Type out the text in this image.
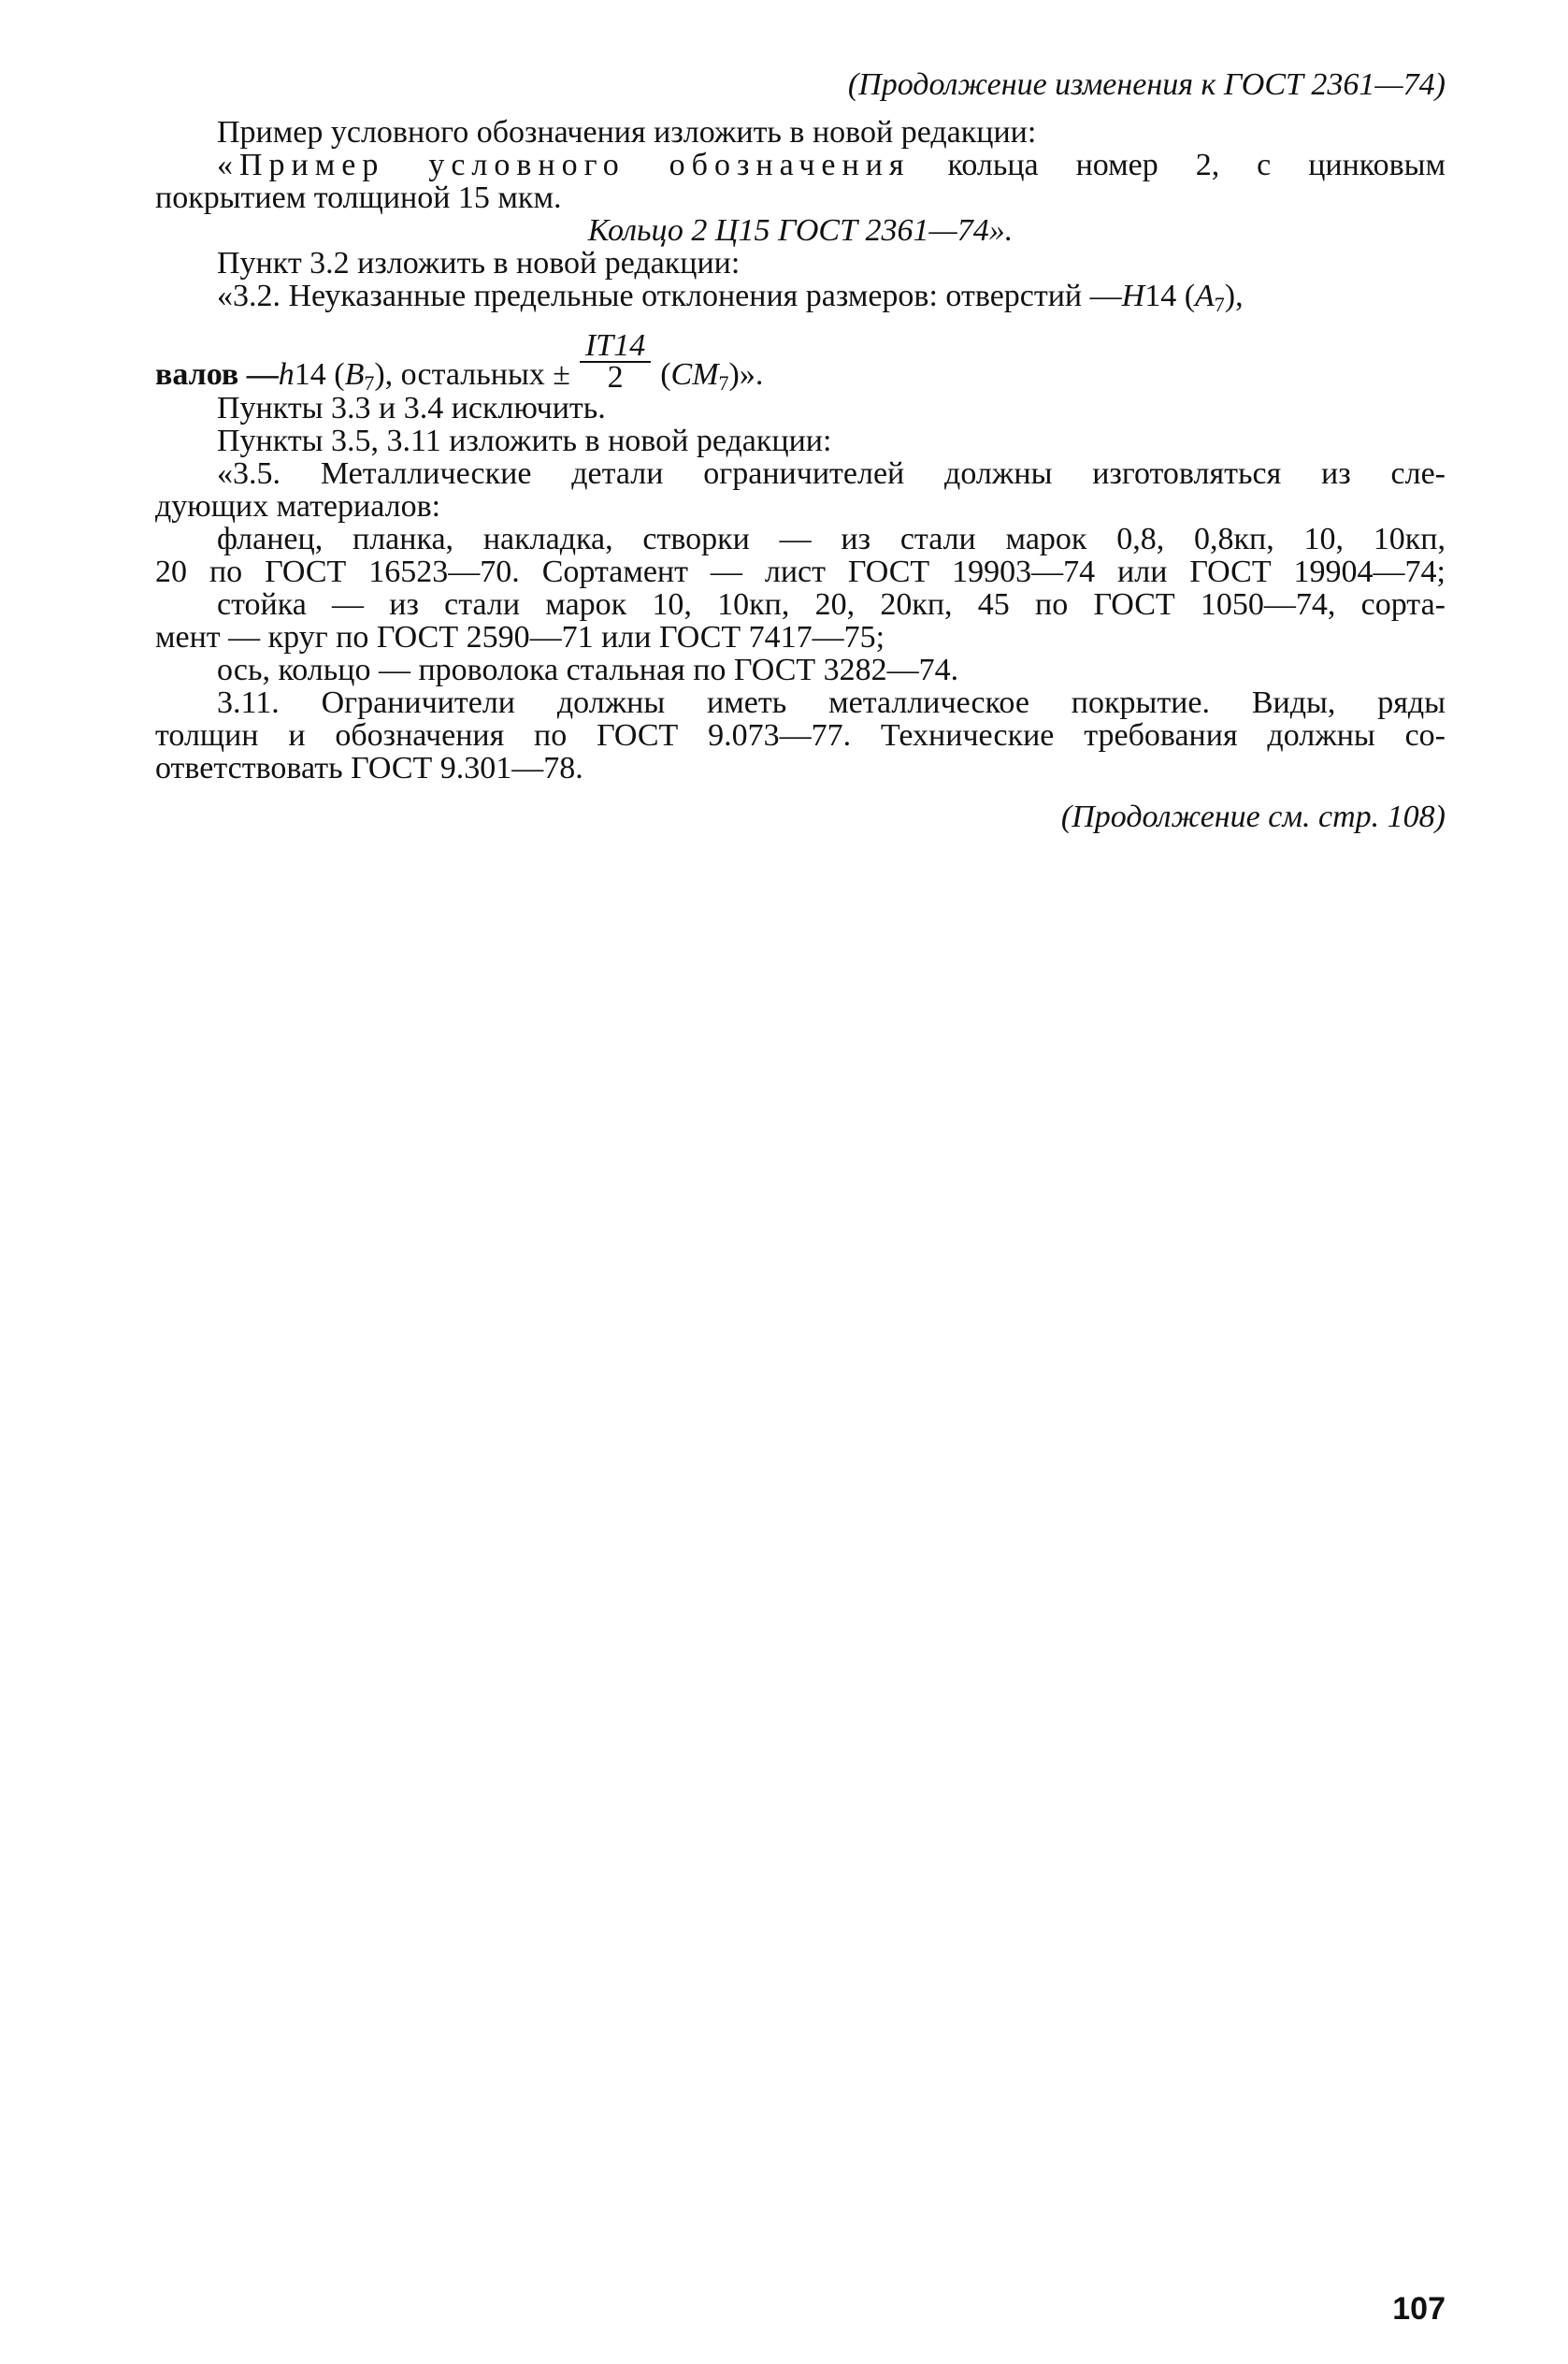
(Продолжение изменения к ГОСТ 2361—74)
Пример условного обозначения изложить в новой редакции:
«Пример условного обозначения кольца номер 2, с цинковым
покрытием толщиной 15 мкм.
Кольцо 2 Ц15 ГОСТ 2361—74».
Пункт 3.2 изложить в новой редакции:
«3.2. Неуказанные предельные отклонения размеров: отверстий —H14 $(A_7)$,
валов —h14 $(B_7)$, остальных ± $\frac{IT14}{2} (CM_7)$».
Пункты 3.3 и 3.4 исключить.
Пункты 3.5, 3.11 изложить в новой редакции:
«3.5. Металлические детали ограничителей должны изготовляться из сле-
дующих материалов:
фланец, планка, накладка, створки — из стали марок 0,8, 0,8кп, 10, 10кп,
20 по ГОСТ 16523—70. Сортамент — лист ГОСТ 19903—74 или ГОСТ 19904—74;
стойка — из стали марок 10, 10кп, 20, 20кп, 45 по ГОСТ 1050—74, сорта-
мент — круг по ГОСТ 2590—71 или ГОСТ 7417—75;
ось, кольцо — проволока стальная по ГОСТ 3282—74.
3.11. Ограничители должны иметь металлическое покрытие. Виды, ряды
толщин и обозначения по ГОСТ 9.073—77. Технические требования должны со-
ответствовать ГОСТ 9.301—78.
(Продолжение см. стр. 108)
107
